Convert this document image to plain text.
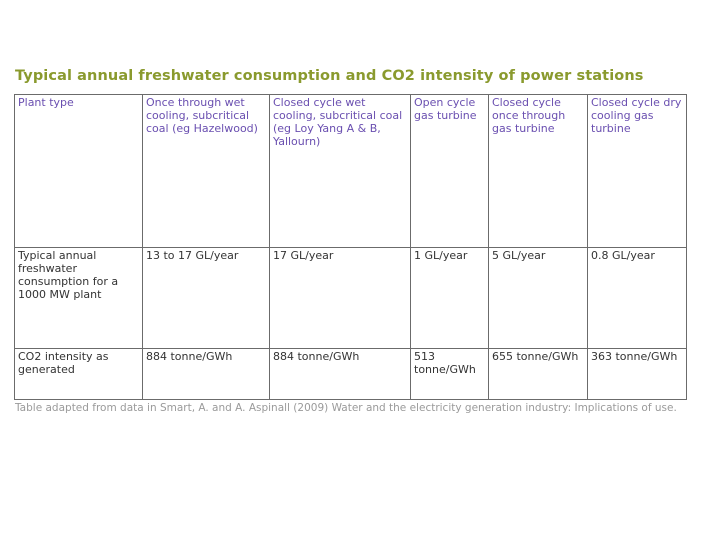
Typical annual freshwater consumption and CO2 intensity of power stations
Plant type	Once through wet cooling, subcritical coal (eg Hazelwood)	Closed cycle wet cooling, subcritical coal (eg Loy Yang A & B, Yallourn)	Open cycle gas turbine	Closed cycle once through gas turbine	Closed cycle dry cooling gas turbine
Typical annual freshwater consumption for a 1000 MW plant	13 to 17 GL/year	17 GL/year	1 GL/year	5 GL/year	0.8 GL/year
CO2 intensity as generated	884 tonne/GWh	884 tonne/GWh	513 tonne/GWh	655 tonne/GWh	363 tonne/GWh
Table adapted from data in Smart, A. and A. Aspinall (2009) Water and the electricity generation industry: Implications of use.
